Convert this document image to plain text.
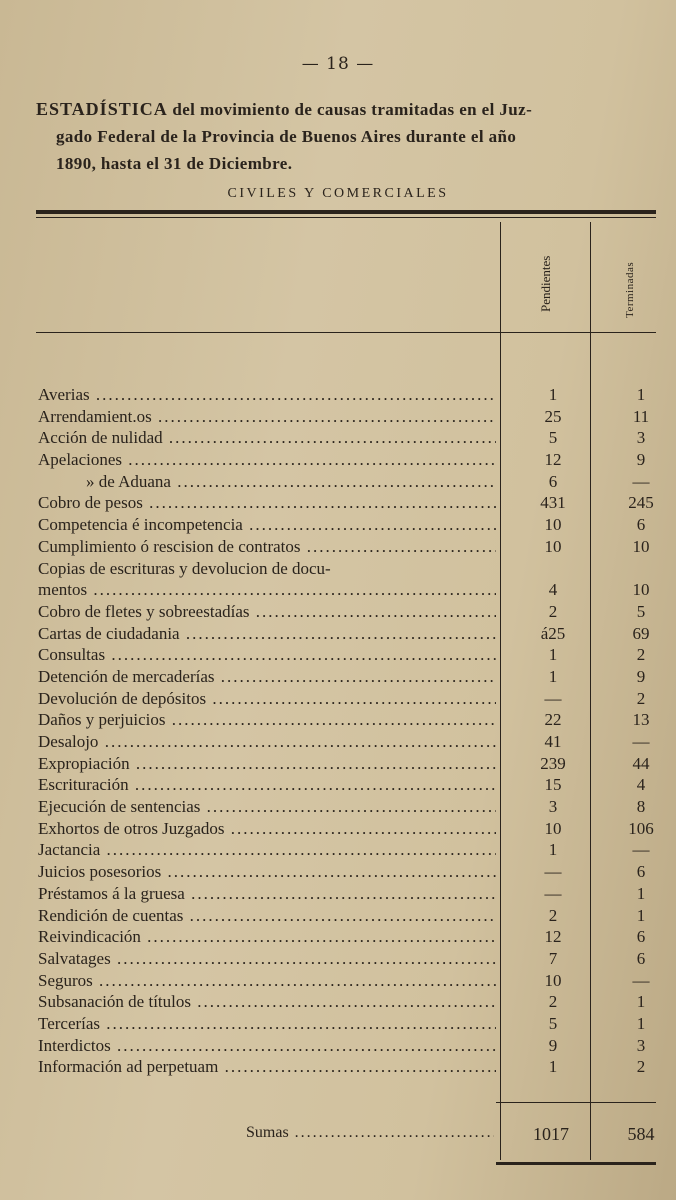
— 18 —
ESTADÍSTICA del movimiento de causas tramitadas en el Juz-
gado Federal de la Provincia de Buenos Aires durante el año
1890, hasta el 31 de Diciembre.
CIVILES Y COMERCIALES
Pendientes	Terminadas
Averias .....	1	1
Arrendamient.os .....	25	11
Acción de nulidad .....	5	3
Apelaciones .....	12	9
» de Aduana .....	6	—
Cobro de pesos .....	431	245
Competencia é incompetencia .....	10	6
Cumplimiento ó rescision de contratos .....	10	10
Copias de escrituras y devolucion de docu-
mentos .....	4	10
Cobro de fletes y sobreestadías .....	2	5
Cartas de ciudadania .....	á25	69
Consultas .....	1	2
Detención de mercaderías .....	1	9
Devolución de depósitos .....	—	2
Daños y perjuicios .....	22	13
Desalojo .....	41	—
Expropiación .....	239	44
Escrituración .....	15	4
Ejecución de sentencias .....	3	8
Exhortos de otros Juzgados .....	10	106
Jactancia .....	1	—
Juicios posesorios .....	—	6
Préstamos á la gruesa .....	—	1
Rendición de cuentas .....	2	1
Reivindicación .....	12	6
Salvatages .....	7	6
Seguros .....	10	—
Subsanación de títulos .....	2	1
Tercerías .....	5	1
Interdictos .....	9	3
Información ad perpetuam .....	1	2
Sumas .....	1017	584
